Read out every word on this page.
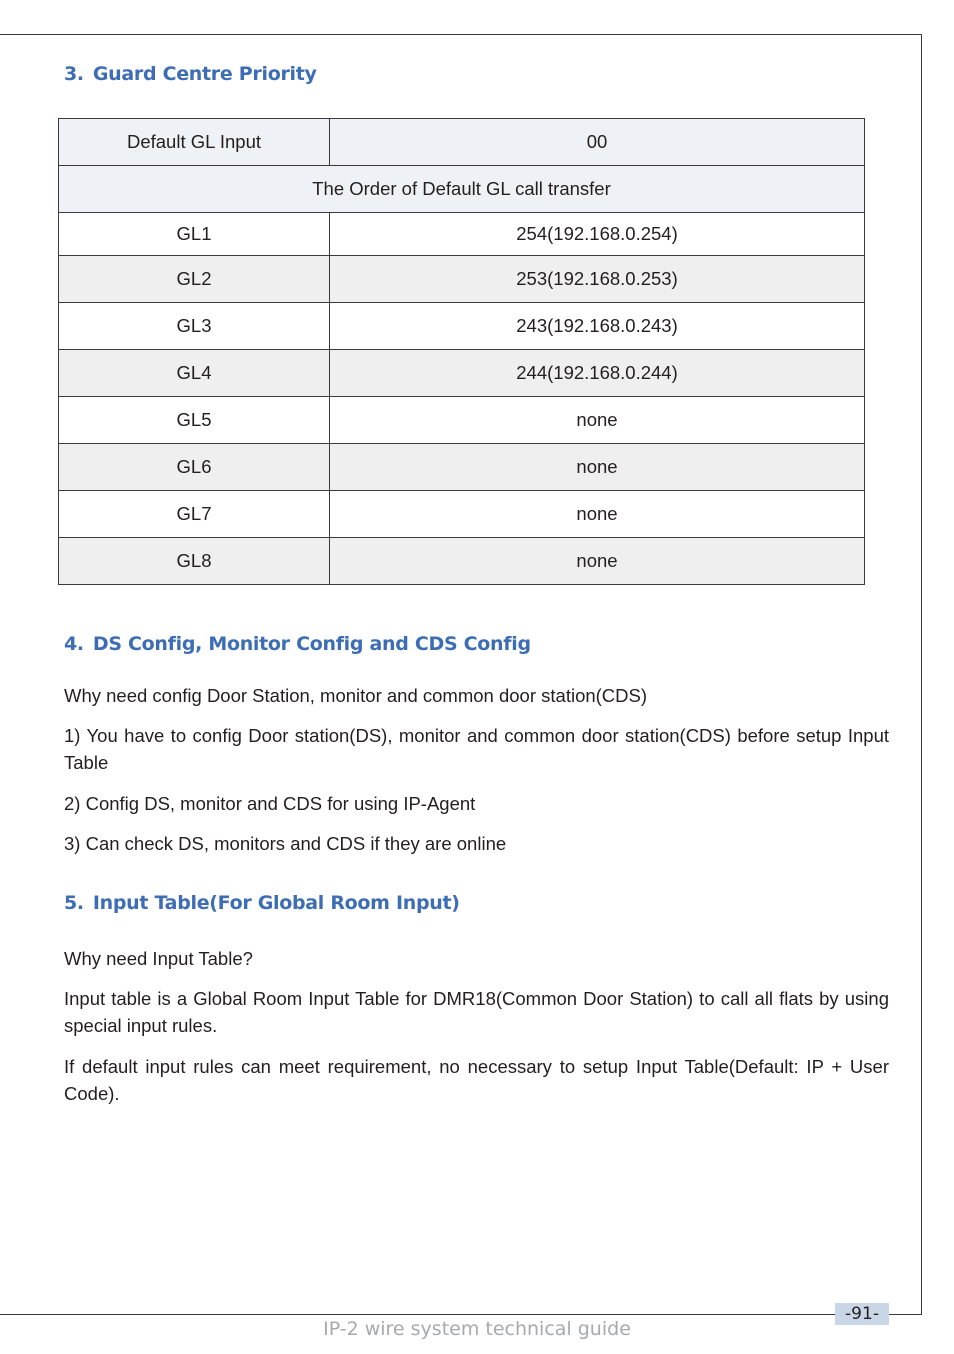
3. Guard Centre Priority
Default GL Input	00
The Order of Default GL call transfer	
GL1	254(192.168.0.254)
GL2	253(192.168.0.253)
GL3	243(192.168.0.243)
GL4	244(192.168.0.244)
GL5	none
GL6	none
GL7	none
GL8	none
4. DS Config, Monitor Config and CDS Config

Why need config Door Station, monitor and common door station(CDS)

1) You have to config Door station(DS), monitor and common door station(CDS) before setup Input Table

2) Config DS, monitor and CDS for using IP-Agent

3) Can check DS, monitors and CDS if they are online

5. Input Table(For Global Room Input)

Why need Input Table?

Input table is a Global Room Input Table for DMR18(Common Door Station) to call all flats by using special input rules.

If default input rules can meet requirement, no necessary to setup Input Table(Default: IP + User Code).

-91-
IP-2 wire system technical guide
